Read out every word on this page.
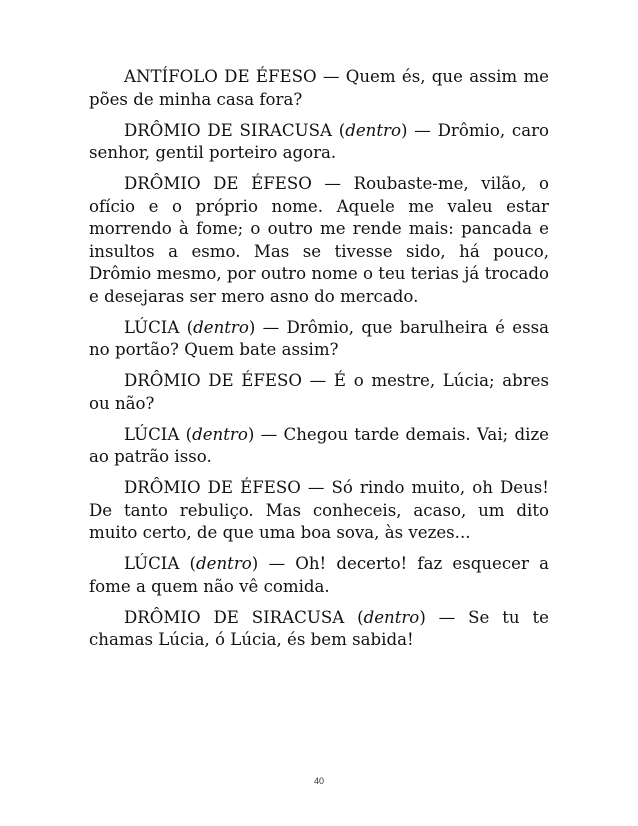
ANTÍFOLO DE ÉFESO — Quem és, que assim me pões de minha casa fora?

DRÔMIO DE SIRACUSA (dentro) — Drômio, caro senhor, gentil porteiro agora.

DRÔMIO DE ÉFESO — Roubaste-me, vilão, o ofício e o próprio nome. Aquele me valeu estar morrendo à fome; o outro me rende mais: pancada e insultos a esmo. Mas se tivesse sido, há pouco, Drômio mesmo, por outro nome o teu terias já trocado e desejaras ser mero asno do mercado.

LÚCIA (dentro) — Drômio, que barulheira é essa no portão? Quem bate assim?

DRÔMIO DE ÉFESO — É o mestre, Lúcia; abres ou não?

LÚCIA (dentro) — Chegou tarde demais. Vai; dize ao patrão isso.

DRÔMIO DE ÉFESO — Só rindo muito, oh Deus! De tanto rebuliço. Mas conheceis, acaso, um dito muito certo, de que uma boa sova, às vezes...

LÚCIA (dentro) — Oh! decerto! faz esquecer a fome a quem não vê comida.

DRÔMIO DE SIRACUSA (dentro) — Se tu te chamas Lúcia, ó Lúcia, és bem sabida!

40
